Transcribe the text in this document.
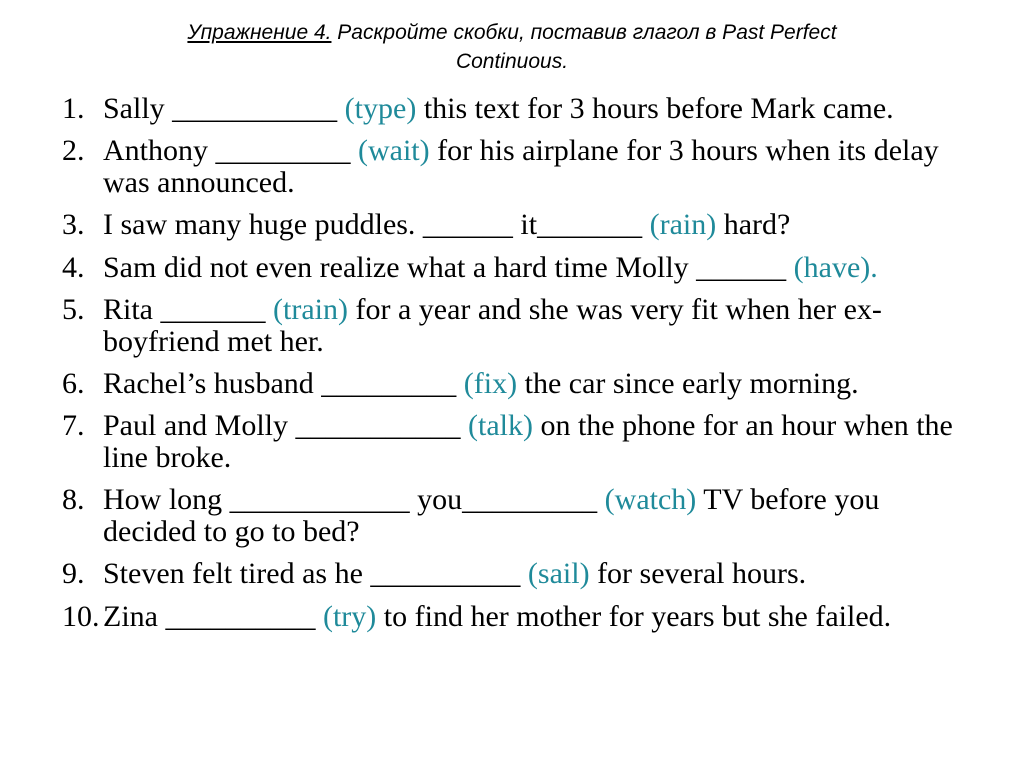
Упражнение 4. Раскройте скобки, поставив глагол в Past Perfect
Continuous.
1. Sally ___________ (type) this text for 3 hours before Mark came.
2. Anthony _________ (wait) for his airplane for 3 hours when its delay was announced.
3. I saw many huge puddles. ______ it_______ (rain) hard?
4. Sam did not even realize what a hard time Molly ______ (have).
5. Rita _______ (train) for a year and she was very fit when her ex-boyfriend met her.
6. Rachel’s husband _________ (fix) the car since early morning.
7. Paul and Molly ___________ (talk) on the phone for an hour when the line broke.
8. How long ____________ you_________ (watch) TV before you decided to go to bed?
9. Steven felt tired as he __________ (sail) for several hours.
10. Zina __________ (try) to find her mother for years but she failed.
